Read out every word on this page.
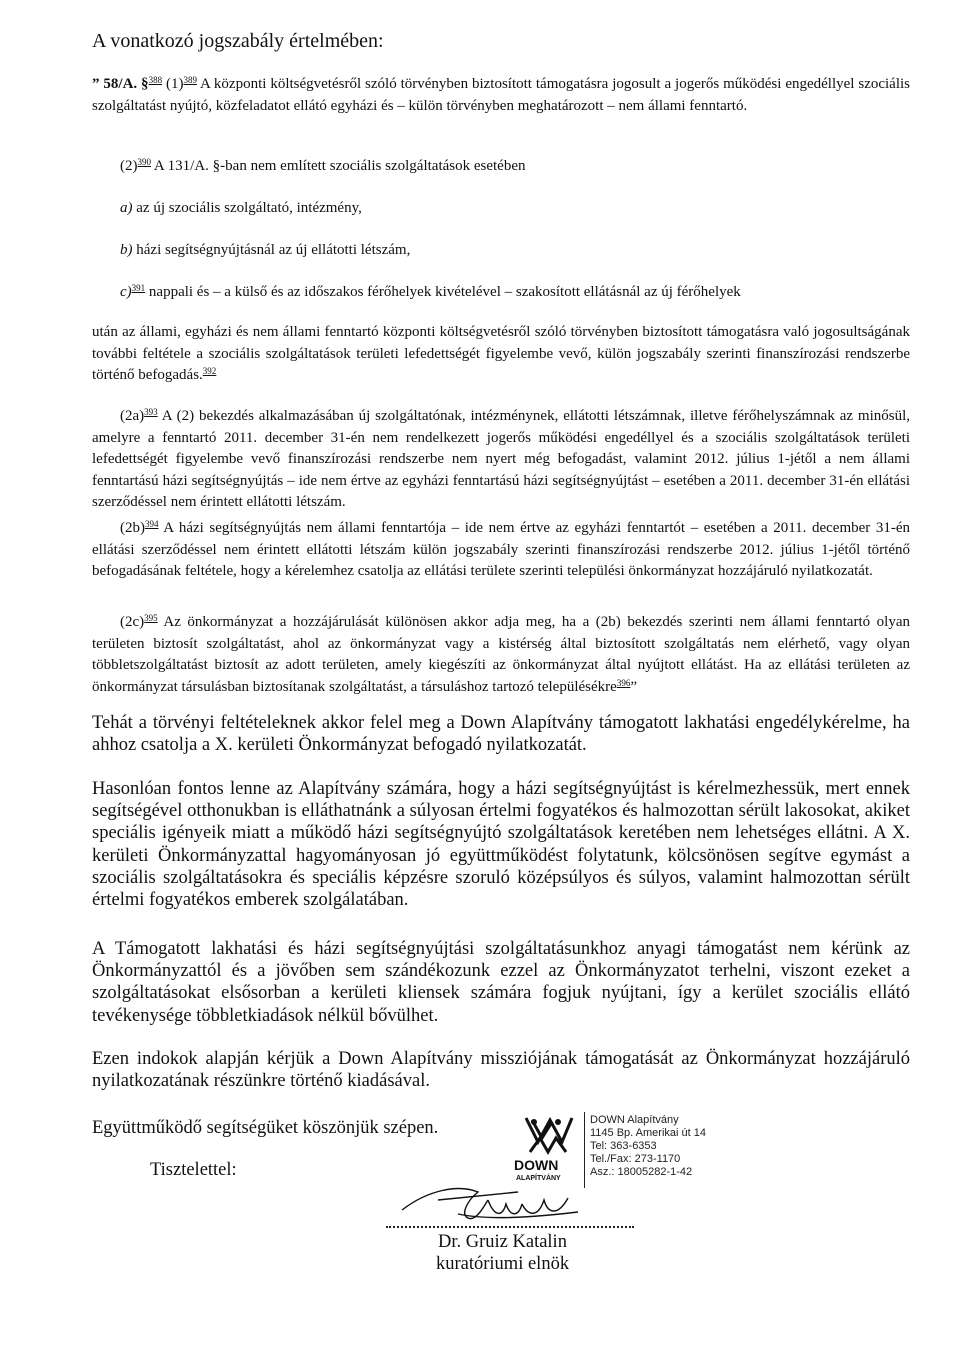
A vonatkozó jogszabály értelmében:

” 58/A. §$^{388}$ $(1)^{389}$ A központi költségvetésről szóló törvényben biztosított támogatásra jogosult a jogerős működési engedéllyel szociális szolgáltatást nyújtó, közfeladatot ellátó egyházi és – külön törvényben meghatározott – nem állami fenntartó.

$(2)^{390}$ A 131/A. §-ban nem említett szociális szolgáltatások esetében

a) az új szociális szolgáltató, intézmény,

b) házi segítségnyújtásnál az új ellátotti létszám,

c)$^{391}$ nappali és – a külső és az időszakos férőhelyek kivételével – szakosított ellátásnál az új férőhelyek

után az állami, egyházi és nem állami fenntartó központi költségvetésről szóló törvényben biztosított támogatásra való jogosultságának további feltétele a szociális szolgáltatások területi lefedettségét figyelembe vevő, külön jogszabály szerinti finanszírozási rendszerbe történő befogadás.$^{392}$

$(2a)^{393}$ A (2) bekezdés alkalmazásában új szolgáltatónak, intézménynek, ellátotti létszámnak, illetve férőhelyszámnak az minősül, amelyre a fenntartó 2011. december 31-én nem rendelkezett jogerős működési engedéllyel és a szociális szolgáltatások területi lefedettségét figyelembe vevő finanszírozási rendszerbe nem nyert még befogadást, valamint 2012. július 1-jétől a nem állami fenntartású házi segítségnyújtás – ide nem értve az egyházi fenntartású házi segítségnyújtást – esetében a 2011. december 31-én ellátási szerződéssel nem érintett ellátotti létszám.

$(2b)^{394}$ A házi segítségnyújtás nem állami fenntartója – ide nem értve az egyházi fenntartót – esetében a 2011. december 31-én ellátási szerződéssel nem érintett ellátotti létszám külön jogszabály szerinti finanszírozási rendszerbe 2012. július 1-jétől történő befogadásának feltétele, hogy a kérelemhez csatolja az ellátási területe szerinti települési önkormányzat hozzájáruló nyilatkozatát.

$(2c)^{395}$ Az önkormányzat a hozzájárulását különösen akkor adja meg, ha a (2b) bekezdés szerinti nem állami fenntartó olyan területen biztosít szolgáltatást, ahol az önkormányzat vagy a kistérség által biztosított szolgáltatás nem elérhető, vagy olyan többletszolgáltatást biztosít az adott területen, amely kiegészíti az önkormányzat által nyújtott ellátást. Ha az ellátási területen az önkormányzat társulásban biztosítanak szolgáltatást, a társuláshoz tartozó településékre$^{396}$”

Tehát a törvényi feltételeknek akkor felel meg a Down Alapítvány támogatott lakhatási engedélykérelme, ha ahhoz csatolja a X. kerületi Önkormányzat befogadó nyilatkozatát.

Hasonlóan fontos lenne az Alapítvány számára, hogy a házi segítségnyújtást is kérelmezhessük, mert ennek segítségével otthonukban is elláthatnánk a súlyosan értelmi fogyatékos és halmozottan sérült lakosokat, akiket speciális igényeik miatt a működő házi segítségnyújtó szolgáltatások keretében nem lehetséges ellátni. A X. kerületi Önkormányzattal hagyományosan jó együttműködést folytatunk, kölcsönösen segítve egymást a szociális szolgáltatásokra és speciális képzésre szoruló középsúlyos és súlyos, valamint halmozottan sérült értelmi fogyatékos emberek szolgálatában.

A Támogatott lakhatási és házi segítségnyújtási szolgáltatásunkhoz anyagi támogatást nem kérünk az Önkormányzattól és a jövőben sem szándékozunk ezzel az Önkormányzatot terhelni, viszont ezeket a szolgáltatásokat elsősorban a kerületi kliensek számára fogjuk nyújtani, így a kerület szociális ellátó tevékenysége többletkiadások nélkül bővülhet.

Ezen indokok alapján kérjük a Down Alapítvány missziójának támogatását az Önkormányzat hozzájáruló nyilatkozatának részünkre történő kiadásával.

Együttműködő segítségüket köszönjük szépen.
Tisztelettel:	DOWN
ALAPÍTVÁNY
DOWN Alapítvány
1145 Bp. Amerikai út 14
Tel: 363-6353
Tel./Fax: 273-1170
Asz.: 18005282-1-42
Dr. Gruiz Katalin
kuratóriumi elnök
